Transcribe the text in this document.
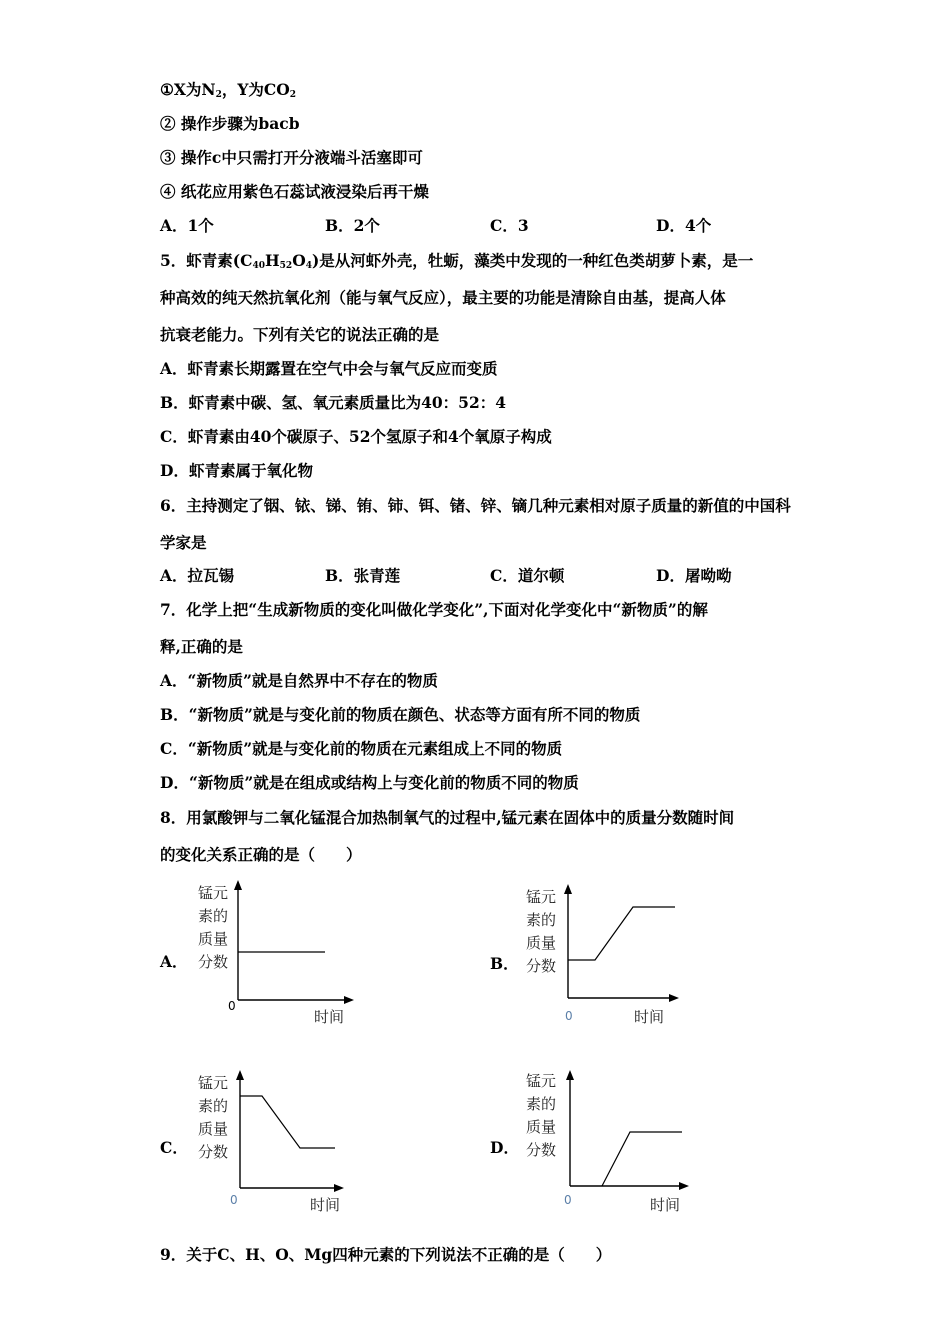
①X为$N_2$，Y为$CO_2$
② 操作步骤为bacb
③ 操作c中只需打开分液端斗活塞即可
④ 纸花应用紫色石蕊试液浸染后再干燥
A．1个	B．2个	C．3	D．4个
5．虾青素$(C_{40}H_{52}O_4)$是从河虾外壳，牡蛎，藻类中发现的一种红色类胡萝卜素，是一
种高效的纯天然抗氧化剂（能与氧气反应），最主要的功能是清除自由基，提高人体
抗衰老能力。下列有关它的说法正确的是
A．虾青素长期露置在空气中会与氧气反应而变质
B．虾青素中碳、氢、氧元素质量比为40：52：4
C．虾青素由40个碳原子、52个氢原子和4个氧原子构成
D．虾青素属于氧化物
6．主持测定了铟、铱、锑、铕、铈、铒、锗、锌、镝几种元素相对原子质量的新值的中国科
学家是
A．拉瓦锡	B．张青莲	C．道尔顿	D．屠呦呦
7．化学上把“生成新物质的变化叫做化学变化”,下面对化学变化中“新物质”的解
释,正确的是
A．“新物质”就是自然界中不存在的物质
B．“新物质”就是与变化前的物质在颜色、状态等方面有所不同的物质
C．“新物质”就是与变化前的物质在元素组成上不同的物质
D．“新物质”就是在组成或结构上与变化前的物质不同的物质
8．用氯酸钾与二氧化锰混合加热制氧气的过程中,锰元素在固体中的质量分数随时间
的变化关系正确的是（　　）
A．
锰元
素的
质量
分数
0
时间
B．
锰元
素的
质量
分数
0	时间
C．
锰元
素的
质量
分数
0	时间
D．
锰元
素的
质量
分数
0	时间
9．关于C、H、O、Mg四种元素的下列说法不正确的是（　　）
